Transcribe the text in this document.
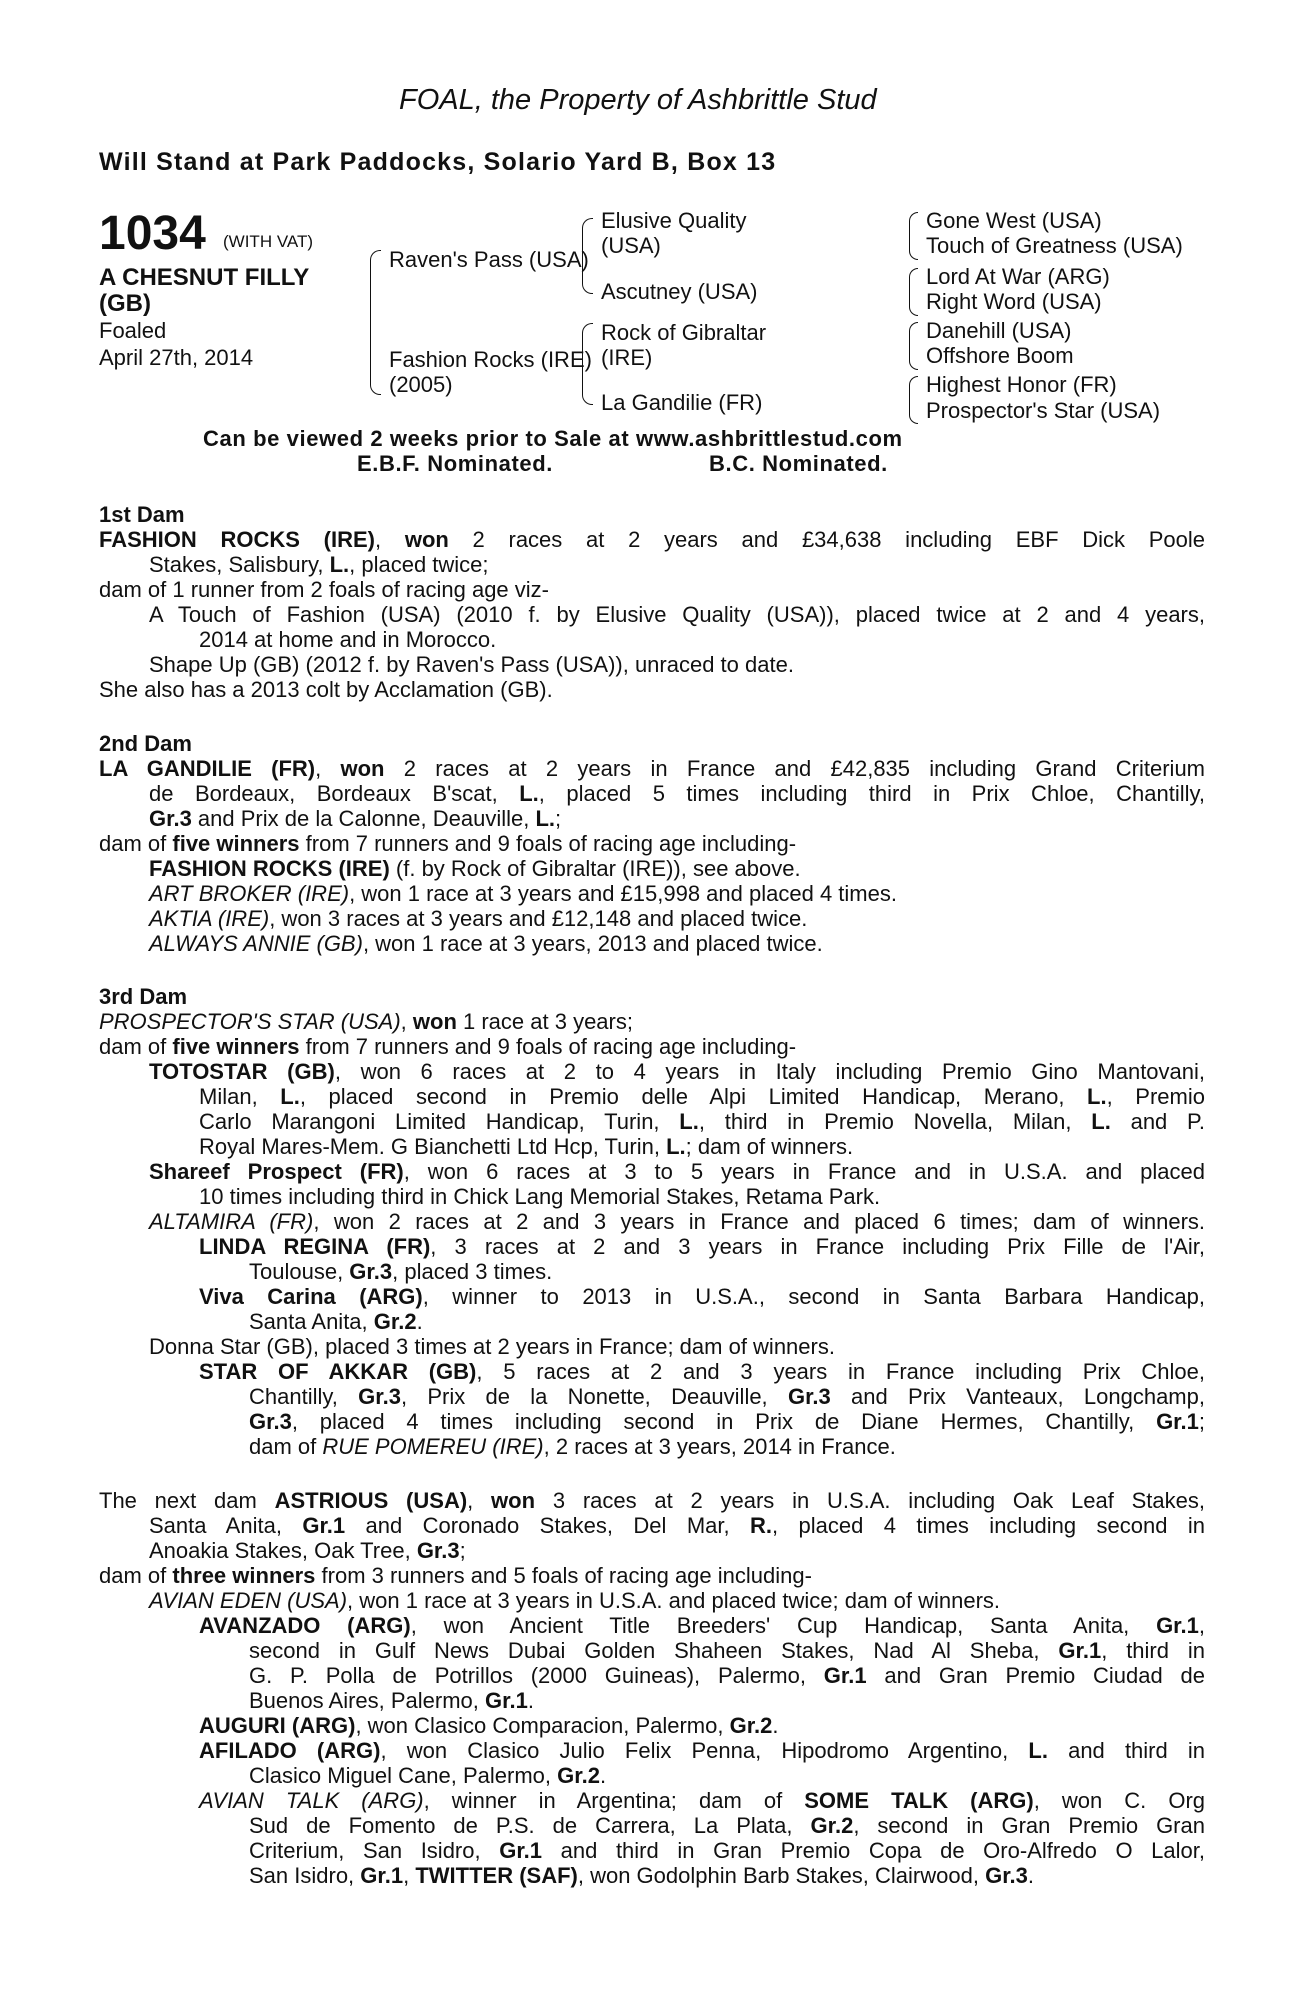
FOAL, the Property of Ashbrittle Stud
Will Stand at Park Paddocks, Solario Yard B, Box 13
1034 (WITH VAT)
A CHESNUT FILLY
(GB)
Foaled
April 27th, 2014
Raven's Pass (USA)
Fashion Rocks (IRE)
(2005)
Elusive Quality
(USA)
Ascutney (USA)
Rock of Gibraltar
(IRE)
La Gandilie (FR)
Gone West (USA)
Touch of Greatness (USA)
Lord At War (ARG)
Right Word (USA)
Danehill (USA)
Offshore Boom
Highest Honor (FR)
Prospector's Star (USA)
Can be viewed 2 weeks prior to Sale at www.ashbrittlestud.com
E.B.F. Nominated.	B.C. Nominated.
1st Dam
FASHION ROCKS (IRE), won 2 races at 2 years and £34,638 including EBF Dick Poole
Stakes, Salisbury, L., placed twice;
dam of 1 runner from 2 foals of racing age viz-
A Touch of Fashion (USA) (2010 f. by Elusive Quality (USA)), placed twice at 2 and 4 years,
2014 at home and in Morocco.
Shape Up (GB) (2012 f. by Raven's Pass (USA)), unraced to date.
She also has a 2013 colt by Acclamation (GB).
2nd Dam
LA GANDILIE (FR), won 2 races at 2 years in France and £42,835 including Grand Criterium
de Bordeaux, Bordeaux B'scat, L., placed 5 times including third in Prix Chloe, Chantilly,
Gr.3 and Prix de la Calonne, Deauville, L.;
dam of five winners from 7 runners and 9 foals of racing age including-
FASHION ROCKS (IRE) (f. by Rock of Gibraltar (IRE)), see above.
ART BROKER (IRE), won 1 race at 3 years and £15,998 and placed 4 times.
AKTIA (IRE), won 3 races at 3 years and £12,148 and placed twice.
ALWAYS ANNIE (GB), won 1 race at 3 years, 2013 and placed twice.
3rd Dam
PROSPECTOR'S STAR (USA), won 1 race at 3 years;
dam of five winners from 7 runners and 9 foals of racing age including-
TOTOSTAR (GB), won 6 races at 2 to 4 years in Italy including Premio Gino Mantovani,
Milan, L., placed second in Premio delle Alpi Limited Handicap, Merano, L., Premio
Carlo Marangoni Limited Handicap, Turin, L., third in Premio Novella, Milan, L. and P.
Royal Mares-Mem. G Bianchetti Ltd Hcp, Turin, L.; dam of winners.
Shareef Prospect (FR), won 6 races at 3 to 5 years in France and in U.S.A. and placed
10 times including third in Chick Lang Memorial Stakes, Retama Park.
ALTAMIRA (FR), won 2 races at 2 and 3 years in France and placed 6 times; dam of winners.
LINDA REGINA (FR), 3 races at 2 and 3 years in France including Prix Fille de l'Air,
Toulouse, Gr.3, placed 3 times.
Viva Carina (ARG), winner to 2013 in U.S.A., second in Santa Barbara Handicap,
Santa Anita, Gr.2.
Donna Star (GB), placed 3 times at 2 years in France; dam of winners.
STAR OF AKKAR (GB), 5 races at 2 and 3 years in France including Prix Chloe,
Chantilly, Gr.3, Prix de la Nonette, Deauville, Gr.3 and Prix Vanteaux, Longchamp,
Gr.3, placed 4 times including second in Prix de Diane Hermes, Chantilly, Gr.1;
dam of RUE POMEREU (IRE), 2 races at 3 years, 2014 in France.
The next dam ASTRIOUS (USA), won 3 races at 2 years in U.S.A. including Oak Leaf Stakes,
Santa Anita, Gr.1 and Coronado Stakes, Del Mar, R., placed 4 times including second in
Anoakia Stakes, Oak Tree, Gr.3;
dam of three winners from 3 runners and 5 foals of racing age including-
AVIAN EDEN (USA), won 1 race at 3 years in U.S.A. and placed twice; dam of winners.
AVANZADO (ARG), won Ancient Title Breeders' Cup Handicap, Santa Anita, Gr.1,
second in Gulf News Dubai Golden Shaheen Stakes, Nad Al Sheba, Gr.1, third in
G. P. Polla de Potrillos (2000 Guineas), Palermo, Gr.1 and Gran Premio Ciudad de
Buenos Aires, Palermo, Gr.1.
AUGURI (ARG), won Clasico Comparacion, Palermo, Gr.2.
AFILADO (ARG), won Clasico Julio Felix Penna, Hipodromo Argentino, L. and third in
Clasico Miguel Cane, Palermo, Gr.2.
AVIAN TALK (ARG), winner in Argentina; dam of SOME TALK (ARG), won C. Org
Sud de Fomento de P.S. de Carrera, La Plata, Gr.2, second in Gran Premio Gran
Criterium, San Isidro, Gr.1 and third in Gran Premio Copa de Oro-Alfredo O Lalor,
San Isidro, Gr.1, TWITTER (SAF), won Godolphin Barb Stakes, Clairwood, Gr.3.
